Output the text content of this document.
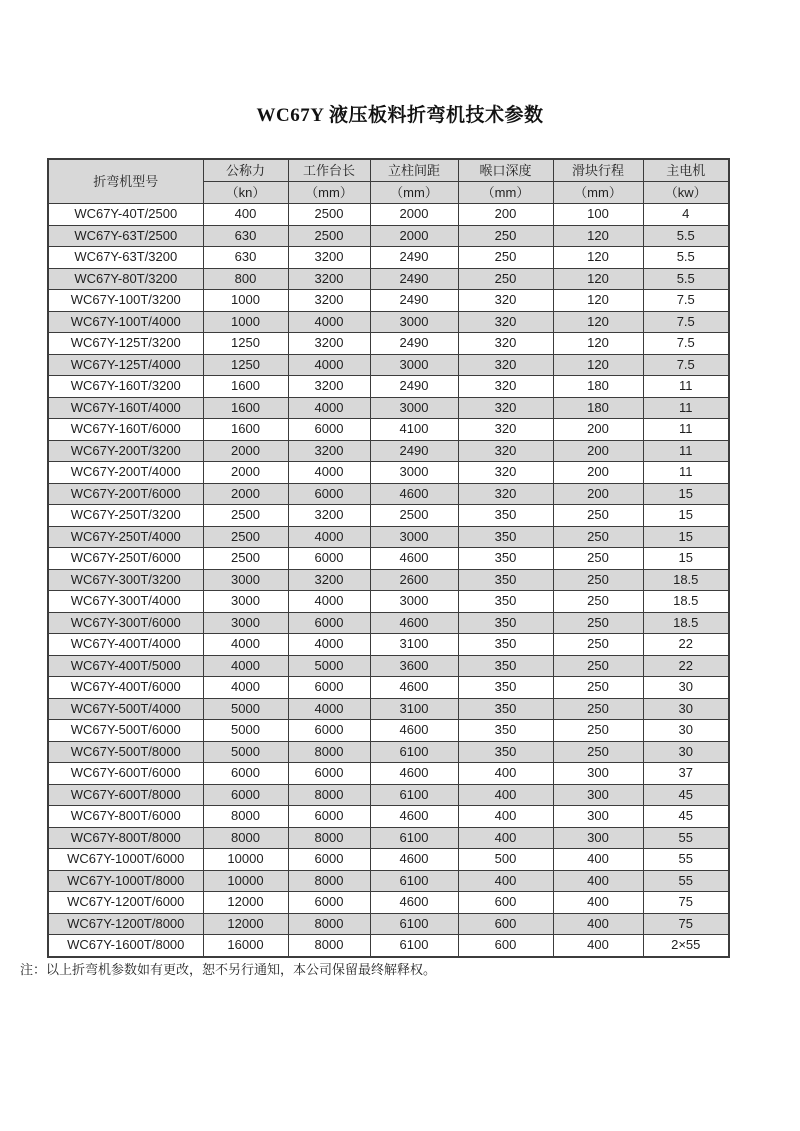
WC67Y 液压板料折弯机技术参数
折弯机型号	公称力	工作台长	立柱间距	喉口深度	滑块行程	主电机
	（kn）	（mm）	（mm）	（mm）	（mm）	（kw）
WC67Y-40T/2500	400	2500	2000	200	100	4
WC67Y-63T/2500	630	2500	2000	250	120	5.5
WC67Y-63T/3200	630	3200	2490	250	120	5.5
WC67Y-80T/3200	800	3200	2490	250	120	5.5
WC67Y-100T/3200	1000	3200	2490	320	120	7.5
WC67Y-100T/4000	1000	4000	3000	320	120	7.5
WC67Y-125T/3200	1250	3200	2490	320	120	7.5
WC67Y-125T/4000	1250	4000	3000	320	120	7.5
WC67Y-160T/3200	1600	3200	2490	320	180	11
WC67Y-160T/4000	1600	4000	3000	320	180	11
WC67Y-160T/6000	1600	6000	4100	320	200	11
WC67Y-200T/3200	2000	3200	2490	320	200	11
WC67Y-200T/4000	2000	4000	3000	320	200	11
WC67Y-200T/6000	2000	6000	4600	320	200	15
WC67Y-250T/3200	2500	3200	2500	350	250	15
WC67Y-250T/4000	2500	4000	3000	350	250	15
WC67Y-250T/6000	2500	6000	4600	350	250	15
WC67Y-300T/3200	3000	3200	2600	350	250	18.5
WC67Y-300T/4000	3000	4000	3000	350	250	18.5
WC67Y-300T/6000	3000	6000	4600	350	250	18.5
WC67Y-400T/4000	4000	4000	3100	350	250	22
WC67Y-400T/5000	4000	5000	3600	350	250	22
WC67Y-400T/6000	4000	6000	4600	350	250	30
WC67Y-500T/4000	5000	4000	3100	350	250	30
WC67Y-500T/6000	5000	6000	4600	350	250	30
WC67Y-500T/8000	5000	8000	6100	350	250	30
WC67Y-600T/6000	6000	6000	4600	400	300	37
WC67Y-600T/8000	6000	8000	6100	400	300	45
WC67Y-800T/6000	8000	6000	4600	400	300	45
WC67Y-800T/8000	8000	8000	6100	400	300	55
WC67Y-1000T/6000	10000	6000	4600	500	400	55
WC67Y-1000T/8000	10000	8000	6100	400	400	55
WC67Y-1200T/6000	12000	6000	4600	600	400	75
WC67Y-1200T/8000	12000	8000	6100	600	400	75
WC67Y-1600T/8000	16000	8000	6100	600	400	2×55

注：以上折弯机参数如有更改，恕不另行通知，本公司保留最终解释权。
